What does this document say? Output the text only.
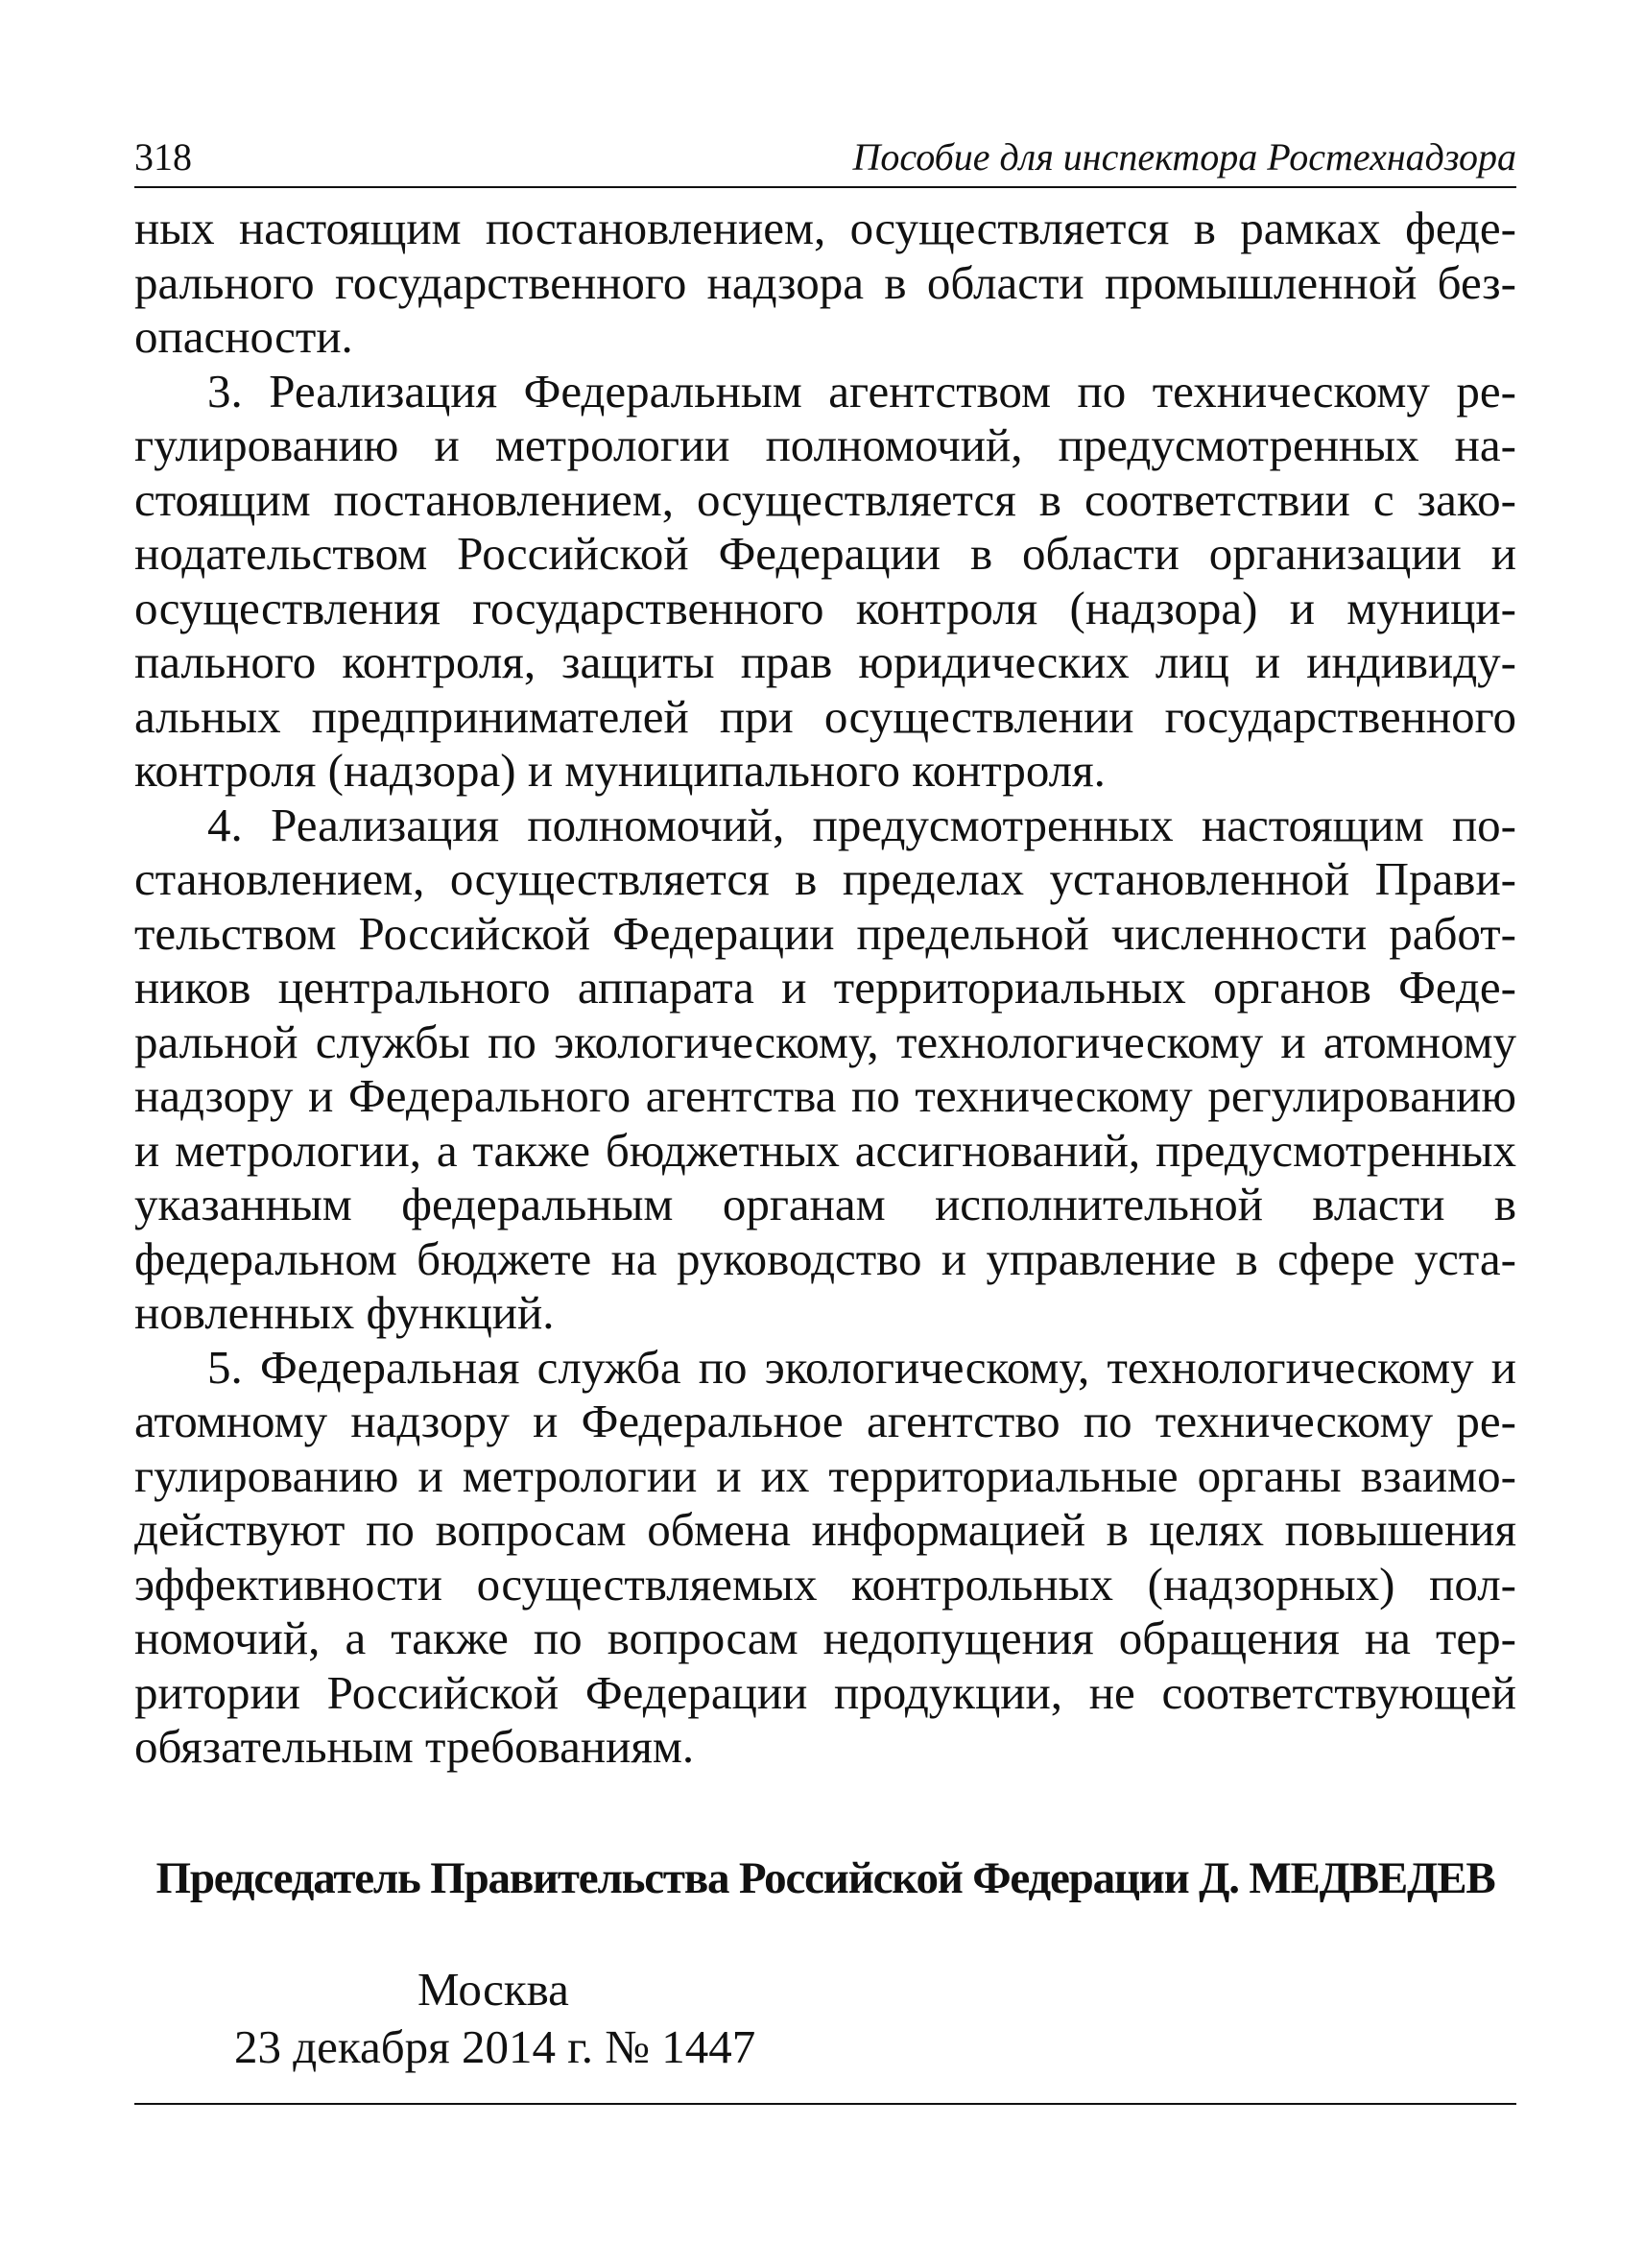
318	Пособие для инспектора Ростехнадзора

ных настоящим постановлением, осуществляется в рамках федерального государственного надзора в области промышленной безопасности.

3. Реализация Федеральным агентством по техническому регулированию и метрологии полномочий, предусмотренных настоящим постановлением, осуществляется в соответствии с законодательством Российской Федерации в области организации и осуществления государственного контроля (надзора) и муниципального контроля, защиты прав юридических лиц и индивидуальных предпринимателей при осуществлении государственного контроля (надзора) и муниципального контроля.

4. Реализация полномочий, предусмотренных настоящим постановлением, осуществляется в пределах установленной Правительством Российской Федерации предельной численности работников центрального аппарата и территориальных органов Федеральной службы по экологическому, технологическому и атомному надзору и Федерального агентства по техническому регулированию и метрологии, а также бюджетных ассигнований, предусмотренных указанным федеральным органам исполнительной власти в федеральном бюджете на руководство и управление в сфере установленных функций.

5. Федеральная служба по экологическому, технологическому и атомному надзору и Федеральное агентство по техническому регулированию и метрологии и их территориальные органы взаимодействуют по вопросам обмена информацией в целях повышения эффективности осуществляемых контрольных (надзорных) полномочий, а также по вопросам недопущения обращения на территории Российской Федерации продукции, не соответствующей обязательным требованиям.

Председатель Правительства Российской Федерации Д. МЕДВЕДЕВ
Москва
23 декабря 2014 г. № 1447
